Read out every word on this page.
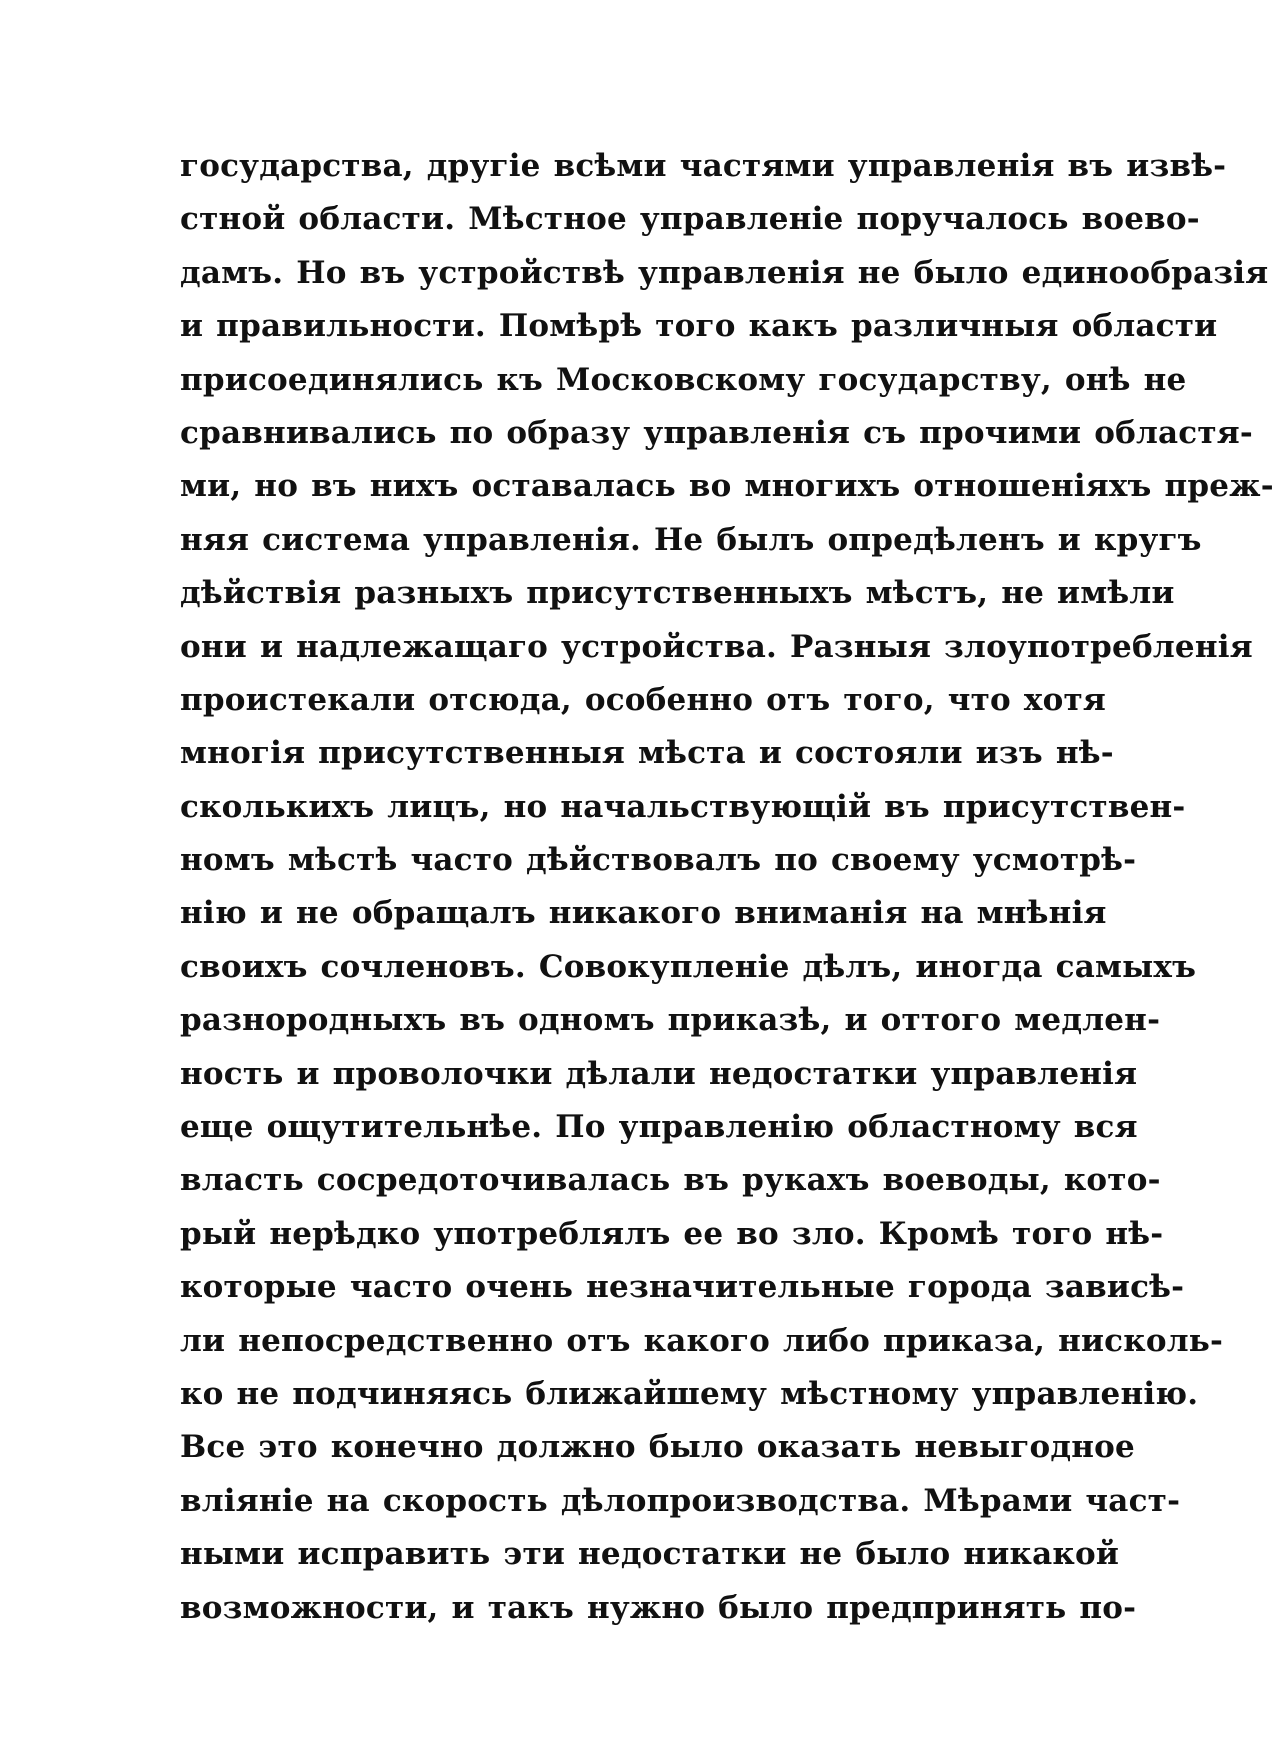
государства, другіе всѣми частями управленія въ извѣ-
стной области. Мѣстное управленіе поручалось воево-
дамъ. Но въ устройствѣ управленія не было единообразія
и правильности. Помѣрѣ того какъ различныя области
присоединялись къ Московскому государству, онѣ не
сравнивались по образу управленія съ прочими областя-
ми, но въ нихъ оставалась во многихъ отношеніяхъ преж-
няя система управленія. Не былъ опредѣленъ и кругъ
дѣйствія разныхъ присутственныхъ мѣстъ, не имѣли
они и надлежащаго устройства. Разныя злоупотребленія
проистекали отсюда, особенно отъ того, что хотя
многія присутственныя мѣста и состояли изъ нѣ-
сколькихъ лицъ, но начальствующій въ присутствен-
номъ мѣстѣ часто дѣйствовалъ по своему усмотрѣ-
нію и не обращалъ никакого вниманія на мнѣнія
своихъ сочленовъ. Совокупленіе дѣлъ, иногда самыхъ
разнородныхъ въ одномъ приказѣ, и оттого медлен-
ность и проволочки дѣлали недостатки управленія
еще ощутительнѣе. По управленію областному вся
власть сосредоточивалась въ рукахъ воеводы, кото-
рый нерѣдко употреблялъ ее во зло. Кромѣ того нѣ-
которые часто очень незначительные города зависѣ-
ли непосредственно отъ какого либо приказа, нисколь-
ко не подчиняясь ближайшему мѣстному управленію.
Все это конечно должно было оказать невыгодное
вліяніе на скорость дѣлопроизводства. Мѣрами част-
ными исправить эти недостатки не было никакой
возможности, и такъ нужно было предпринять по-
